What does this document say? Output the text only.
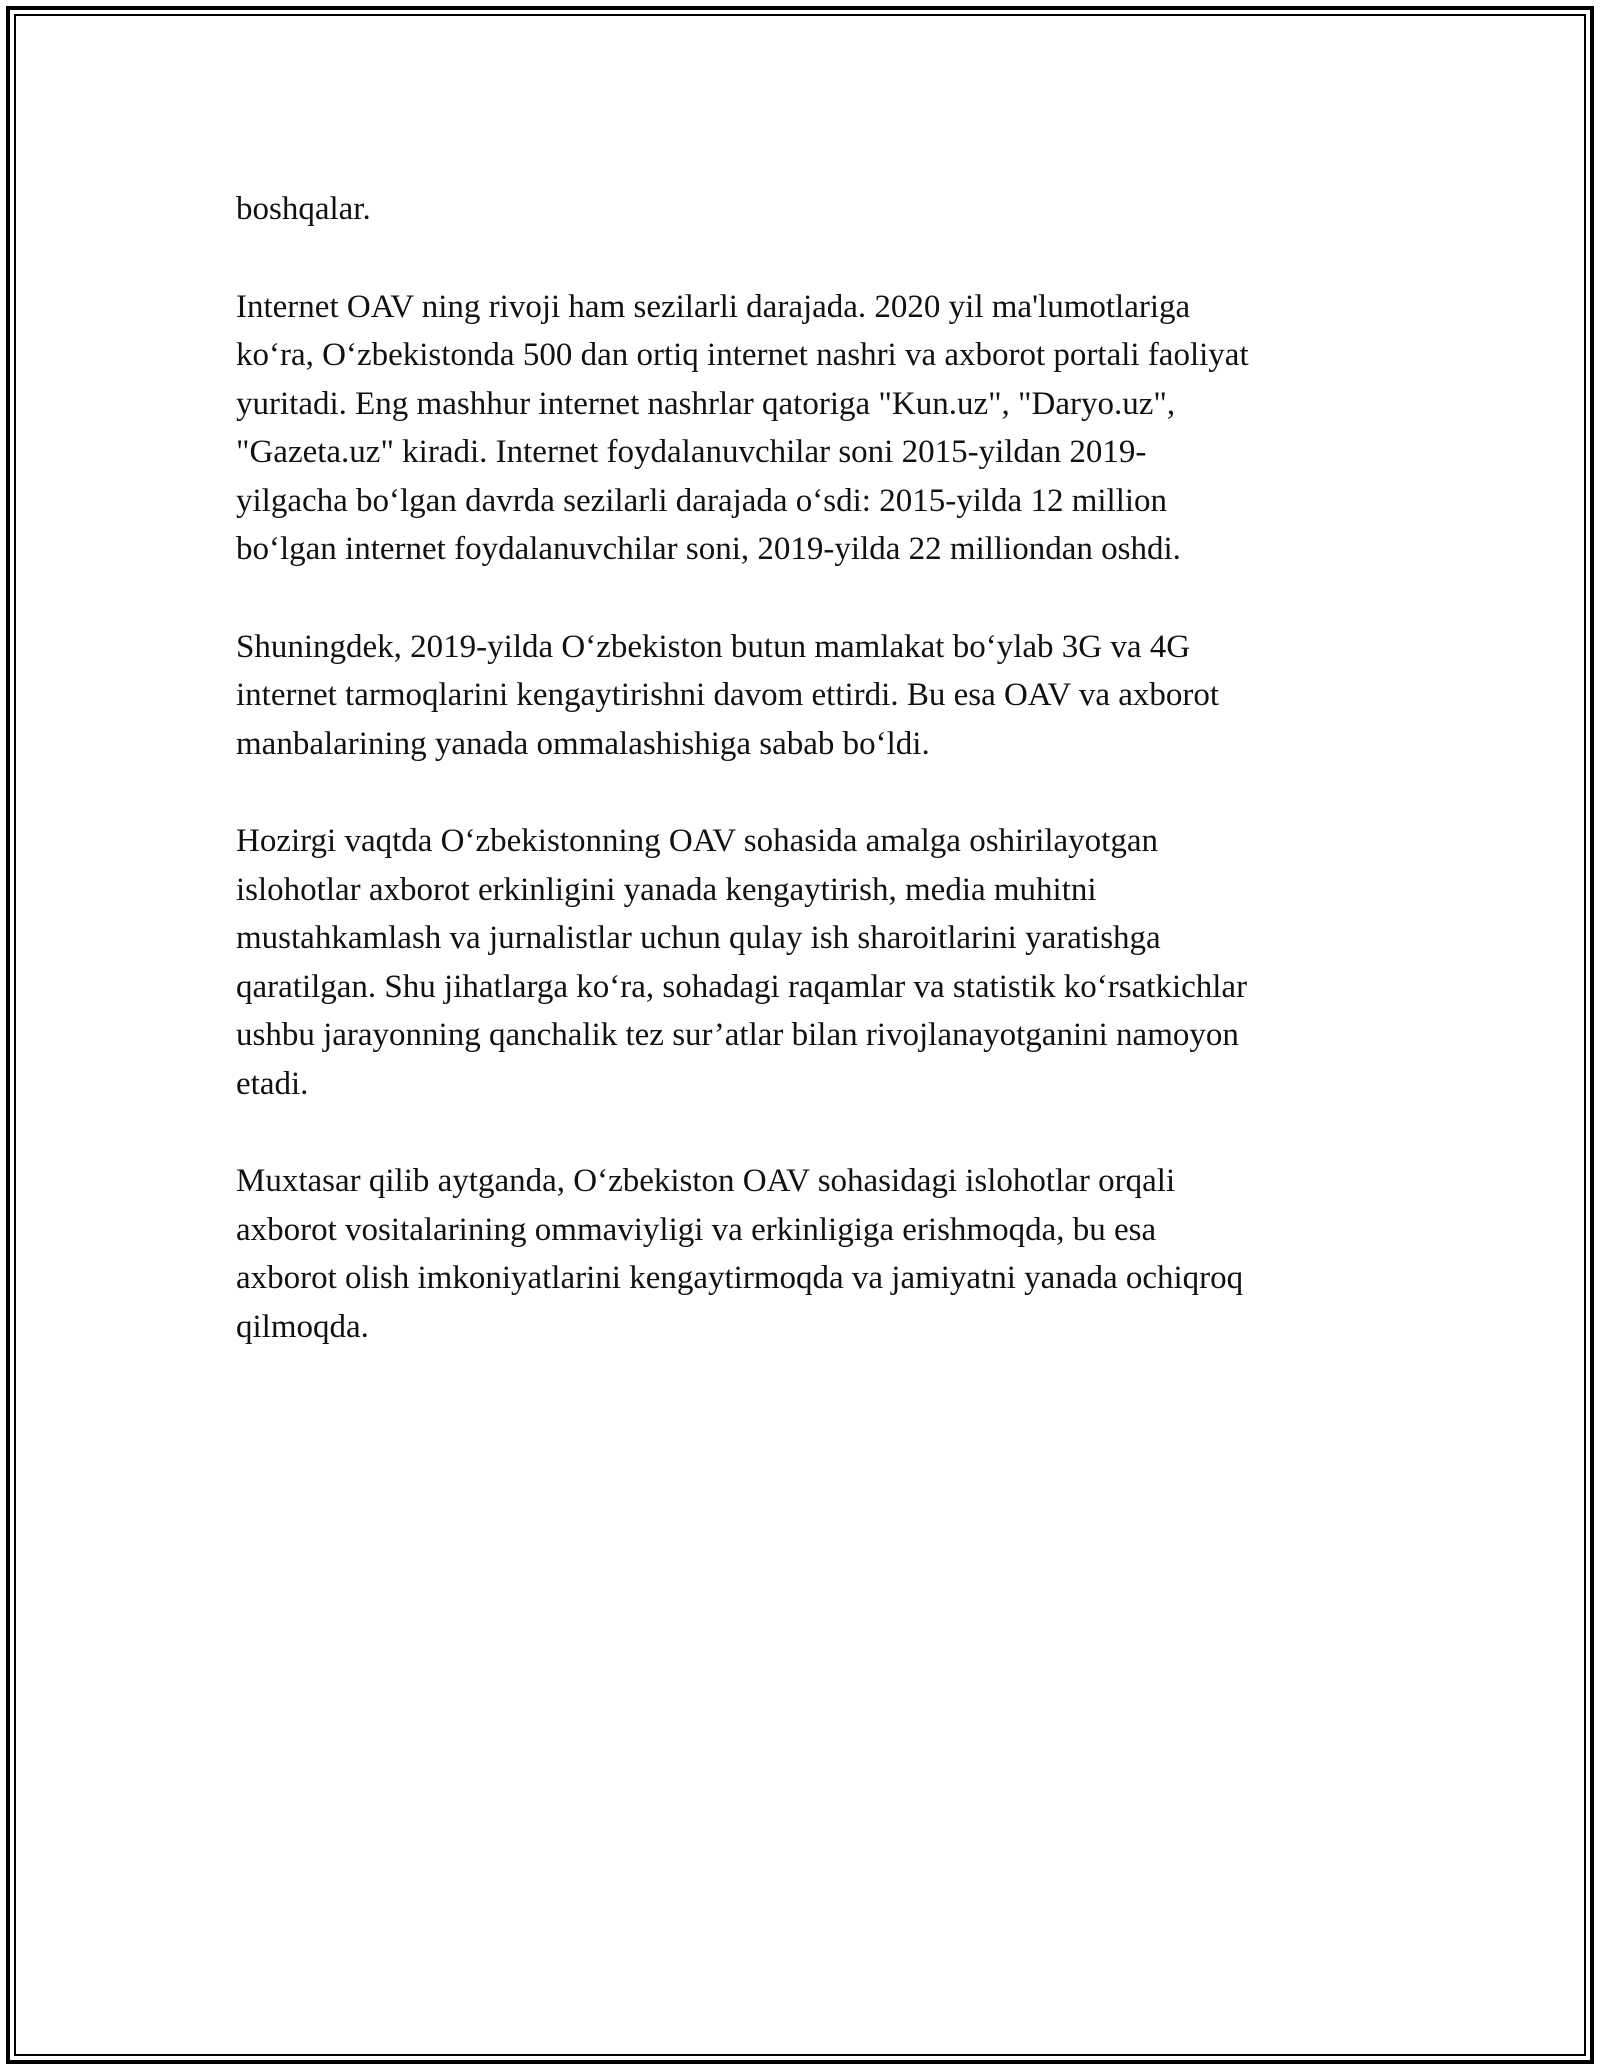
boshqalar.

Internet OAV ning rivoji ham sezilarli darajada. 2020 yil ma'lumotlariga
ko‘ra, O‘zbekistonda 500 dan ortiq internet nashri va axborot portali faoliyat
yuritadi. Eng mashhur internet nashrlar qatoriga "Kun.uz", "Daryo.uz",
"Gazeta.uz" kiradi. Internet foydalanuvchilar soni 2015-yildan 2019-
yilgacha bo‘lgan davrda sezilarli darajada o‘sdi: 2015-yilda 12 million
bo‘lgan internet foydalanuvchilar soni, 2019-yilda 22 milliondan oshdi.

Shuningdek, 2019-yilda O‘zbekiston butun mamlakat bo‘ylab 3G va 4G
internet tarmoqlarini kengaytirishni davom ettirdi. Bu esa OAV va axborot
manbalarining yanada ommalashishiga sabab bo‘ldi.

Hozirgi vaqtda O‘zbekistonning OAV sohasida amalga oshirilayotgan
islohotlar axborot erkinligini yanada kengaytirish, media muhitni
mustahkamlash va jurnalistlar uchun qulay ish sharoitlarini yaratishga
qaratilgan. Shu jihatlarga ko‘ra, sohadagi raqamlar va statistik ko‘rsatkichlar
ushbu jarayonning qanchalik tez sur’atlar bilan rivojlanayotganini namoyon
etadi.

Muxtasar qilib aytganda, O‘zbekiston OAV sohasidagi islohotlar orqali
axborot vositalarining ommaviyligi va erkinligiga erishmoqda, bu esa
axborot olish imkoniyatlarini kengaytirmoqda va jamiyatni yanada ochiqroq
qilmoqda.
